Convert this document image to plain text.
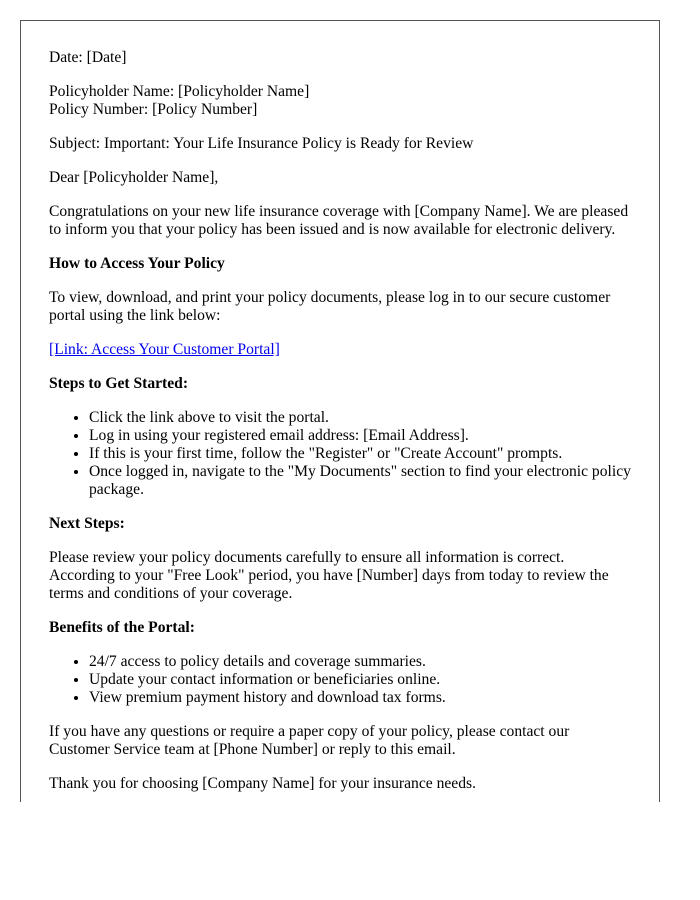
Date: [Date]

Policyholder Name: [Policyholder Name]
Policy Number: [Policy Number]

Subject: Important: Your Life Insurance Policy is Ready for Review

Dear [Policyholder Name],

Congratulations on your new life insurance coverage with [Company Name]. We are pleased to inform you that your policy has been issued and is now available for electronic delivery.

How to Access Your Policy

To view, download, and print your policy documents, please log in to our secure customer portal using the link below:

[Link: Access Your Customer Portal]

Steps to Get Started:

• Click the link above to visit the portal.
• Log in using your registered email address: [Email Address].
• If this is your first time, follow the "Register" or "Create Account" prompts.
• Once logged in, navigate to the "My Documents" section to find your electronic policy package.

Next Steps:

Please review your policy documents carefully to ensure all information is correct. According to your "Free Look" period, you have [Number] days from today to review the terms and conditions of your coverage.

Benefits of the Portal:

• 24/7 access to policy details and coverage summaries.
• Update your contact information or beneficiaries online.
• View premium payment history and download tax forms.

If you have any questions or require a paper copy of your policy, please contact our Customer Service team at [Phone Number] or reply to this email.

Thank you for choosing [Company Name] for your insurance needs.
